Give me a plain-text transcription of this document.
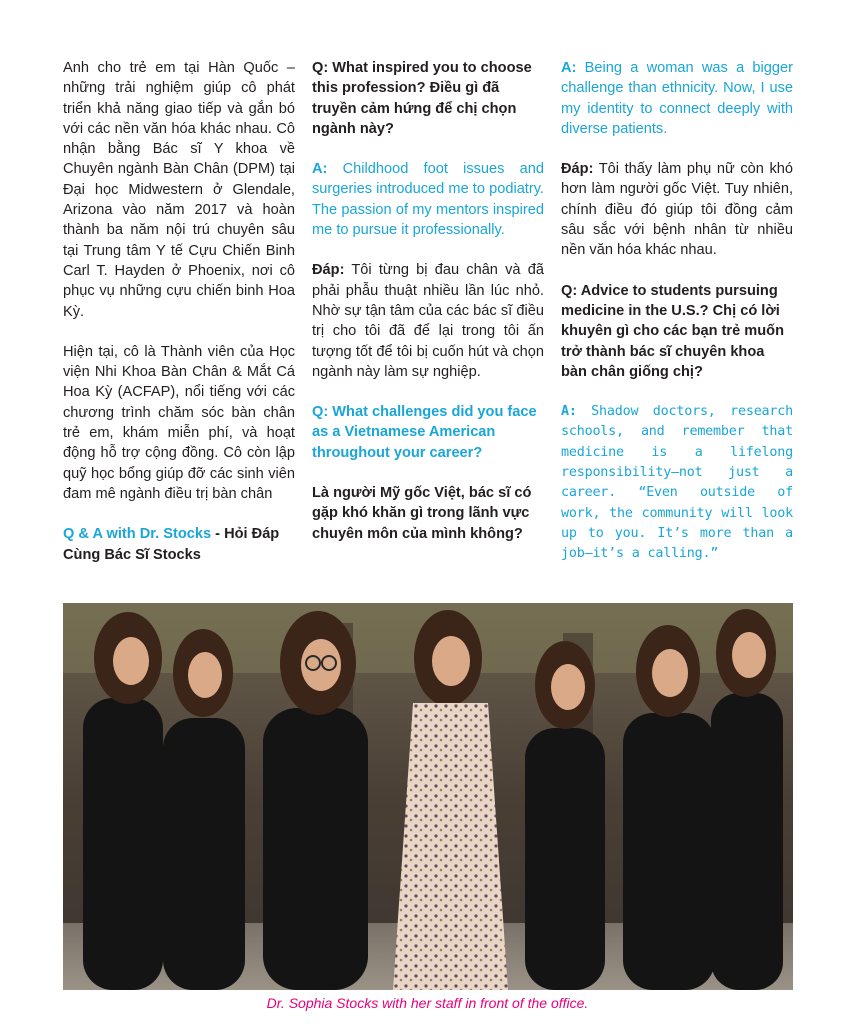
Anh cho trẻ em tại Hàn Quốc – những trải nghiệm giúp cô phát triển khả năng giao tiếp và gắn bó với các nền văn hóa khác nhau. Cô nhận bằng Bác sĩ Y khoa về Chuyên ngành Bàn Chân (DPM) tại Đại học Midwestern ở Glendale, Arizona vào năm 2017 và hoàn thành ba năm nội trú chuyên sâu tại Trung tâm Y tế Cựu Chiến Binh Carl T. Hayden ở Phoenix, nơi cô phục vụ những cựu chiến binh Hoa Kỳ.

Hiện tại, cô là Thành viên của Học viện Nhi Khoa Bàn Chân & Mắt Cá Hoa Kỳ (ACFAP), nổi tiếng với các chương trình chăm sóc bàn chân trẻ em, khám miễn phí, và hoạt động hỗ trợ cộng đồng. Cô còn lập quỹ học bổng giúp đỡ các sinh viên đam mê ngành điều trị bàn chân

Q & A with Dr. Stocks - Hỏi Đáp Cùng Bác Sĩ Stocks

Q: What inspired you to choose this profession? Điều gì đã truyền cảm hứng để chị chọn ngành này?

A: Childhood foot issues and surgeries introduced me to podiatry. The passion of my mentors inspired me to pursue it professionally.

Đáp: Tôi từng bị đau chân và đã phải phẫu thuật nhiều lần lúc nhỏ. Nhờ sự tận tâm của các bác sĩ điều trị cho tôi đã để lại trong tôi ấn tượng tốt để tôi bị cuốn hút và chọn ngành này làm sự nghiệp.

Q: What challenges did you face as a Vietnamese American throughout your career?

Là người Mỹ gốc Việt, bác sĩ có gặp khó khăn gì trong lãnh vực chuyên môn của mình không?

A: Being a woman was a bigger challenge than ethnicity. Now, I use my identity to connect deeply with diverse patients.

Đáp: Tôi thấy làm phụ nữ còn khó hơn làm người gốc Việt. Tuy nhiên, chính điều đó giúp tôi đồng cảm sâu sắc với bệnh nhân từ nhiều nền văn hóa khác nhau.

Q: Advice to students pursuing medicine in the U.S.? Chị có lời khuyên gì cho các bạn trẻ muốn trở thành bác sĩ chuyên khoa bàn chân giống chị?

A: Shadow doctors, research schools, and remember that medicine is a lifelong responsibility—not just a career. “Even outside of work, the community will look up to you. It’s more than a job—it’s a calling.”

Dr. Sophia Stocks with her staff in front of the office.
